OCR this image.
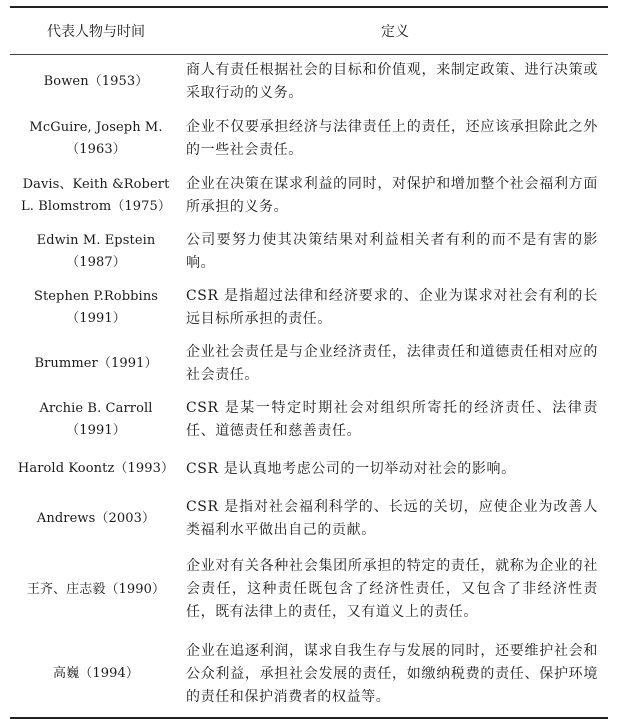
代表人物与时间	定义

Bowen（1953）	商人有责任根据社会的目标和价值观，来制定政策、进行决策或采取行动的义务。

McGuire, Joseph M.
（1963）	企业不仅要承担经济与法律责任上的责任，还应该承担除此之外的一些社会责任。

Davis、Keith &Robert
L. Blomstrom（1975）	企业在决策在谋求利益的同时，对保护和增加整个社会福利方面所承担的义务。

Edwin M. Epstein
（1987）	公司要努力使其决策结果对利益相关者有利的而不是有害的影响。

Stephen P.Robbins
（1991）	CSR 是指超过法律和经济要求的、企业为谋求对社会有利的长远目标所承担的责任。

Brummer（1991）	企业社会责任是与企业经济责任，法律责任和道德责任相对应的社会责任。

Archie B. Carroll
（1991）	CSR 是某一特定时期社会对组织所寄托的经济责任、法律责任、道德责任和慈善责任。

Harold Koontz（1993）	CSR 是认真地考虑公司的一切举动对社会的影响。

Andrews（2003）	CSR 是指对社会福利科学的、长远的关切，应使企业为改善人类福利水平做出自己的贡献。

王齐、庄志毅（1990）	企业对有关各种社会集团所承担的特定的责任，就称为企业的社会责任，这种责任既包含了经济性责任，又包含了非经济性责任，既有法律上的责任，又有道义上的责任。

高巍（1994）	企业在追逐利润，谋求自我生存与发展的同时，还要维护社会和公众利益，承担社会发展的责任，如缴纳税费的责任、保护环境的责任和保护消费者的权益等。
